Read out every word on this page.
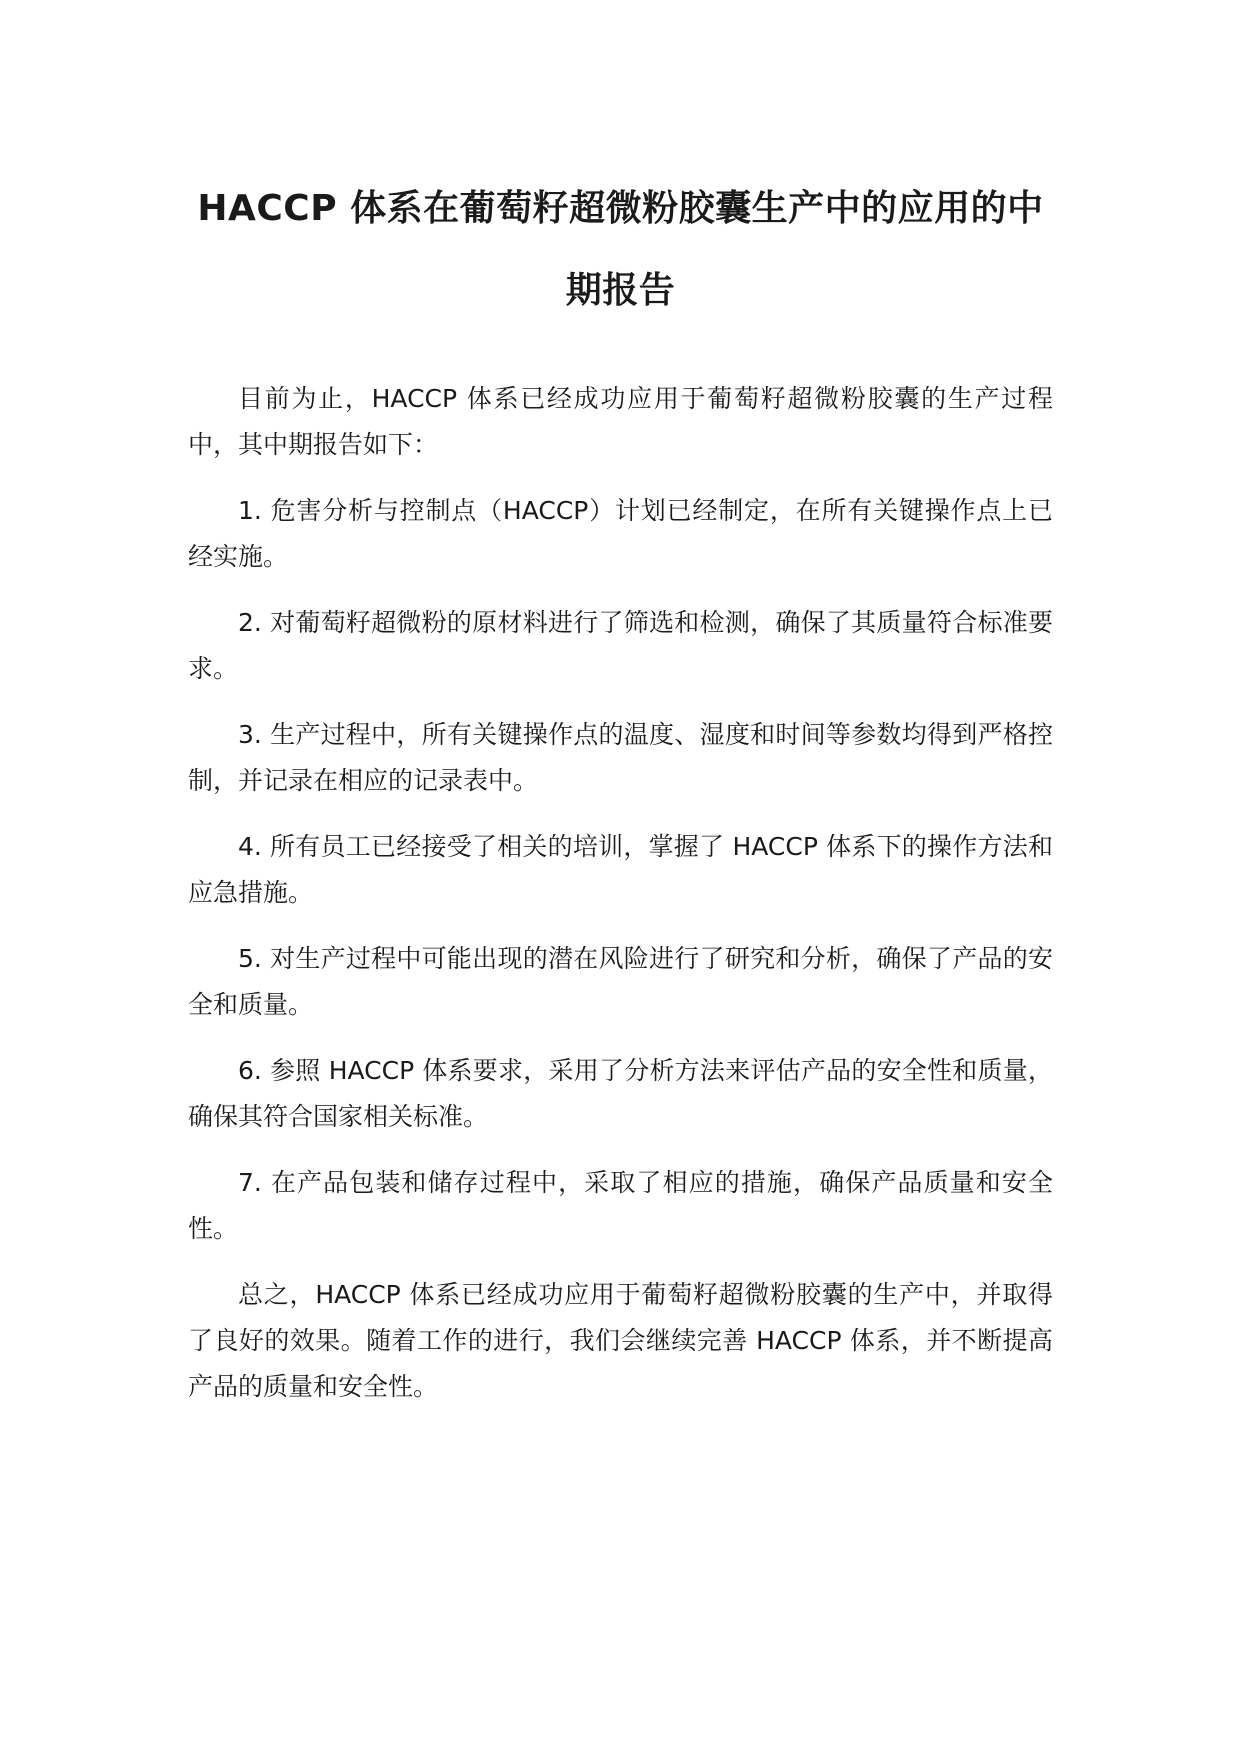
HACCP 体系在葡萄籽超微粉胶囊生产中的应用的中期报告

目前为止，HACCP 体系已经成功应用于葡萄籽超微粉胶囊的生产过程中，其中期报告如下：

1. 危害分析与控制点（HACCP）计划已经制定，在所有关键操作点上已经实施。

2. 对葡萄籽超微粉的原材料进行了筛选和检测，确保了其质量符合标准要求。

3. 生产过程中，所有关键操作点的温度、湿度和时间等参数均得到严格控制，并记录在相应的记录表中。

4. 所有员工已经接受了相关的培训，掌握了 HACCP 体系下的操作方法和应急措施。

5. 对生产过程中可能出现的潜在风险进行了研究和分析，确保了产品的安全和质量。

6. 参照 HACCP 体系要求，采用了分析方法来评估产品的安全性和质量，确保其符合国家相关标准。

7. 在产品包装和储存过程中，采取了相应的措施，确保产品质量和安全性。

总之，HACCP 体系已经成功应用于葡萄籽超微粉胶囊的生产中，并取得了良好的效果。随着工作的进行，我们会继续完善 HACCP 体系，并不断提高产品的质量和安全性。
